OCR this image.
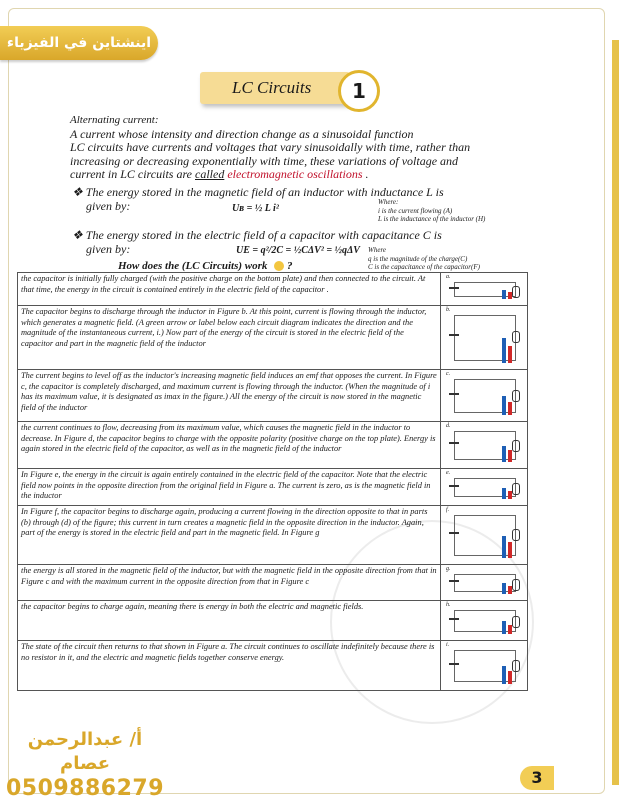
اينشتاين في الفيزياء
LC Circuits	1

Alternating current:

A current whose intensity and direction change as a sinusoidal function

LC circuits have currents and voltages that vary sinusoidally with time, rather than

increasing or decreasing exponentially with time, these variations of voltage and

current in LC circuits are called electromagnetic oscillations .

❖ The energy stored in the magnetic field of an inductor with inductance L is
given by:	Uʙ = ½ L i²
Where:
i is the current flowing (A)
L is the inductance of the inductor (H)
❖ The energy stored in the electric field of a capacitor with capacitance C is
given by:	UE = q²/2C = ½CΔV² = ½qΔV Where
q is the magnitude of the charge(C)
C is the capacitance of the capacitor(F)
How does the (LC Circuits) work ?
the capacitor is initially fully charged (with the positive charge on the bottom plate) and then connected to the circuit. At that time, the energy in the circuit is contained entirely in the electric field of the capacitor .	a.

The capacitor begins to discharge through the inductor in Figure b. At this point, current is flowing through the inductor, which generates a magnetic field. (A green arrow or label below each circuit diagram indicates the direction and the magnitude of the instantaneous current, i.) Now part of the energy of the circuit is stored in the electric field of the capacitor and part in the magnetic field of the inductor	b.

The current begins to level off as the inductor's increasing magnetic field induces an emf that opposes the current. In Figure c, the capacitor is completely discharged, and maximum current is flowing through the inductor. (When the magnitude of i has its maximum value, it is designated as imax in the figure.) All the energy of the circuit is now stored in the magnetic field of the inductor	c.

the current continues to flow, decreasing from its maximum value, which causes the magnetic field in the inductor to decrease. In Figure d, the capacitor begins to charge with the opposite polarity (positive charge on the top plate). Energy is again stored in the electric field of the capacitor, as well as in the magnetic field of the inductor	d.

In Figure e, the energy in the circuit is again entirely contained in the electric field of the capacitor. Note that the electric field now points in the opposite direction from the original field in Figure a. The current is zero, as is the magnetic field in the inductor	e.

In Figure f, the capacitor begins to discharge again, producing a current flowing in the direction opposite to that in parts (b) through (d) of the figure; this current in turn creates a magnetic field in the opposite direction in the inductor. Again, part of the energy is stored in the electric field and part in the magnetic field. In Figure g	f.

the energy is all stored in the magnetic field of the inductor, but with the magnetic field in the opposite direction from that in Figure c and with the maximum current in the opposite direction from that in Figure c	g.

the capacitor begins to charge again, meaning there is energy in both the electric and magnetic fields.	h.

The state of the circuit then returns to that shown in Figure a. The circuit continues to oscillate indefinitely because there is no resistor in it, and the electric and magnetic fields together conserve energy.	i.
أ/ عبدالرحمن عصام
0509886279	3
